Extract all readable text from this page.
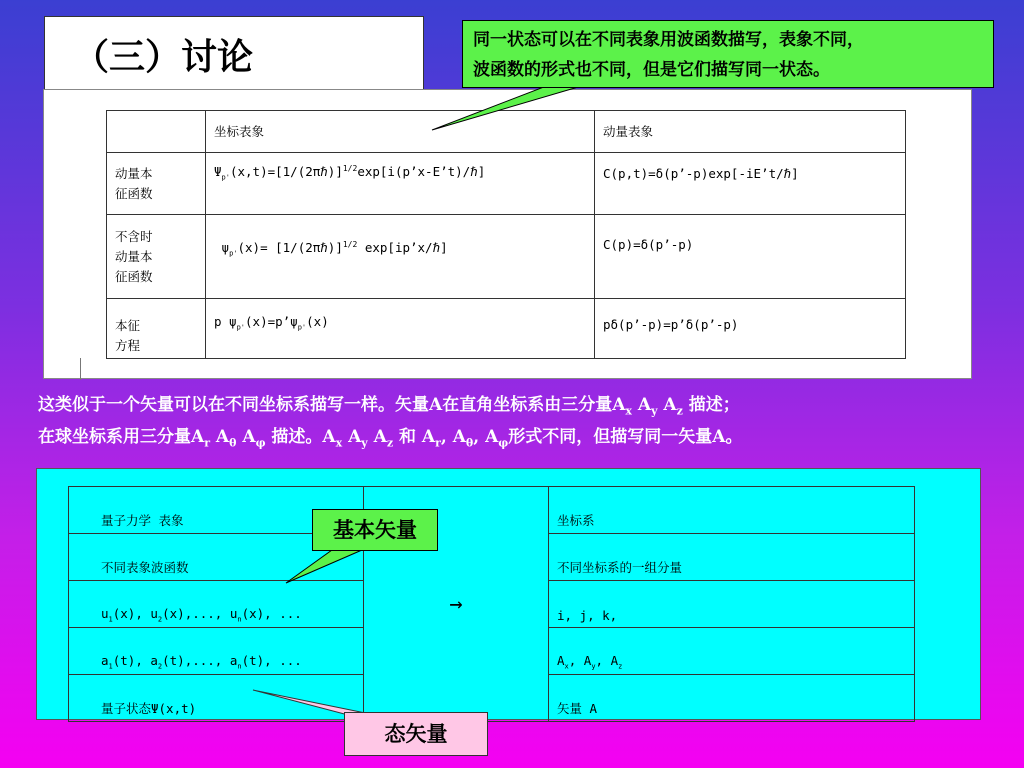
（三）讨论
	坐标表象	动量表象

动量本
征函数	$\Psi_{p'}(x,t)=[1/(2\pi\hbar)]^{1/2}\exp[i(p’x-E’t)/\hbar]$	C(p,t)=δ(p’-p)exp[-iE’t/ℏ]

不含时
动量本
征函数	$\psi_{p'}(x)=$ [1/(2πℏ)]$^{1/2}$ exp[ip’x/ℏ]	C(p)=δ(p’-p)

本征
方程	p $\psi_{p'}(x)=p’\psi_{p'}(x)$	pδ(p’-p)=p’δ(p’-p)
这类似于一个矢量可以在不同坐标系描写一样。矢量A在直角坐标系由三分量$A_x$ $A_y$ $A_z$ 描述；
在球坐标系用三分量$A_r$ $A_\theta$ $A_\varphi$ 描述。$A_x$ $A_y$ $A_z$ 和 $A_r$, $A_\theta$, $A_\varphi$形式不同，但描写同一矢量A。
量子力学 表象	→	坐标系
不同表象波函数		不同坐标系的一组分量
$u_1(x)$, $u_2(x)$,..., $u_n(x)$, ...		i, j, k,
$a_1(t)$, $a_2(t)$,..., $a_n(t)$, ...		$A_x$, $A_y$, $A_z$
量子状态Ψ(x,t)		矢量 A
同一状态可以在不同表象用波函数描写，表象不同，
波函数的形式也不同，但是它们描写同一状态。
基本矢量
态矢量
